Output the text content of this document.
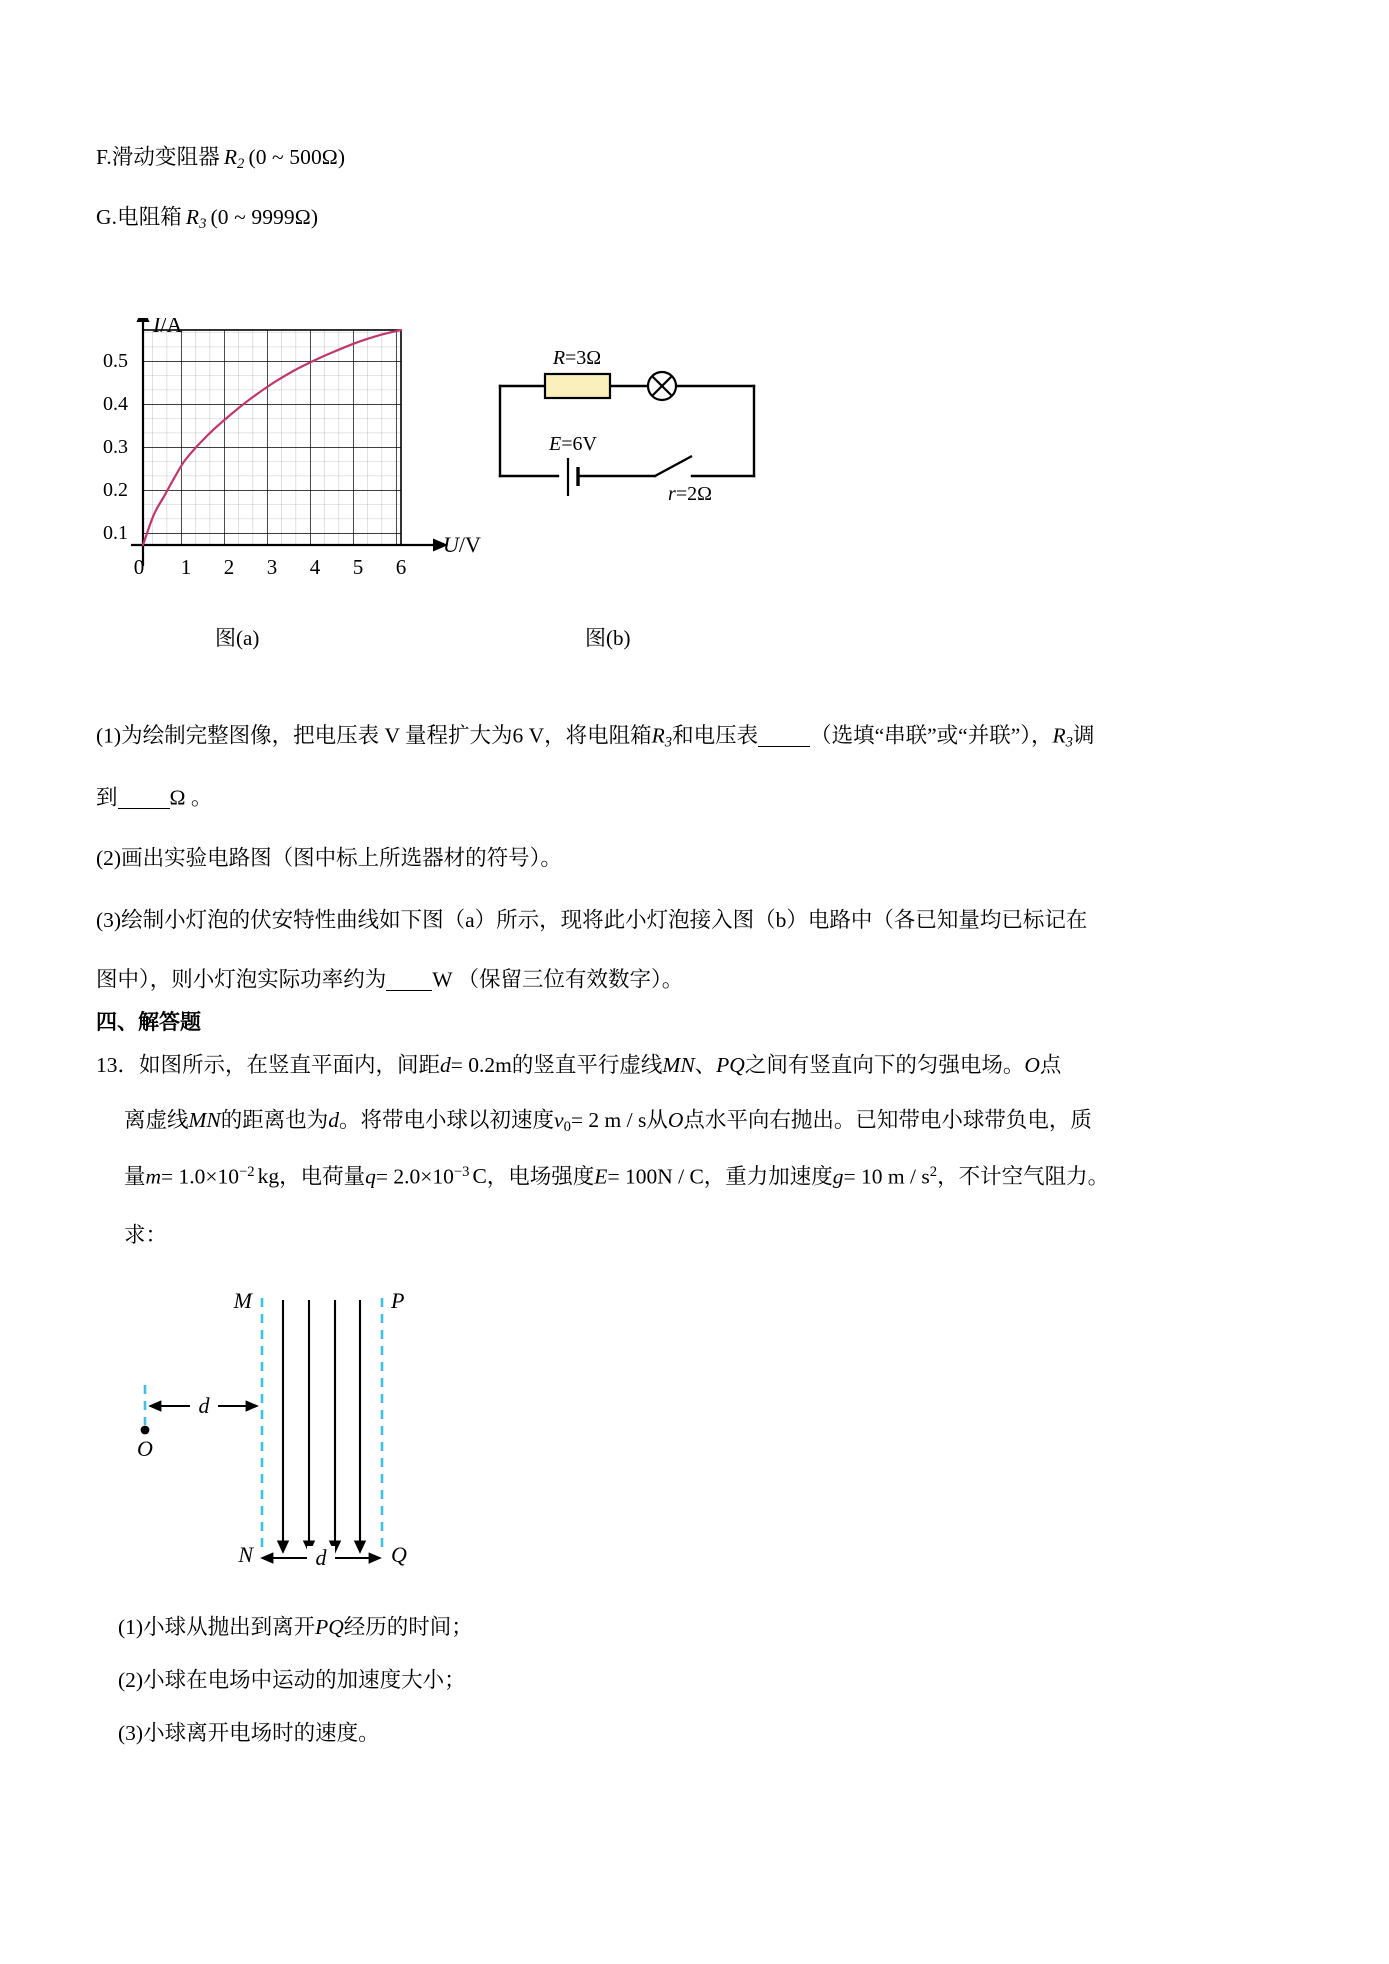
F.滑动变阻器 $R_2$ (0 ~ 500Ω)
G.电阻箱 $R_3$ (0 ~ 9999Ω)
0.5
0.4
0.3
0.2
0.1
0 1 2 3 4 5 6
I/A
U/V
图(a)
R=3Ω
E=6V
r=2Ω
图(b)
(1)为绘制完整图像，把电压表 V 量程扩大为6 V，将电阻箱$R_3$和电压表 （选填“串联”或“并联”），$R_3$调
到 Ω 。
(2)画出实验电路图（图中标上所选器材的符号）。
(3)绘制小灯泡的伏安特性曲线如下图（a）所示，现将此小灯泡接入图（b）电路中（各已知量均已标记在
图中），则小灯泡实际功率约为 W （保留三位有效数字）。
四、解答题
13．如图所示，在竖直平面内，间距d= 0.2m的竖直平行虚线MN、PQ之间有竖直向下的匀强电场。O点
离虚线MN的距离也为d。将带电小球以初速度$v_0= 2$ m / s从O点水平向右抛出。已知带电小球带负电，质
量$m= 1.0\times 10^{-2}$ kg，电荷量$q= 2.0\times 10^{-3}$ C，电场强度E= 100N / C，重力加速度g= 10 m / $s^2$，不计空气阻力。
求：
M	P
N	Q
O
d
d
(1)小球从抛出到离开PQ经历的时间；
(2)小球在电场中运动的加速度大小；
(3)小球离开电场时的速度。
